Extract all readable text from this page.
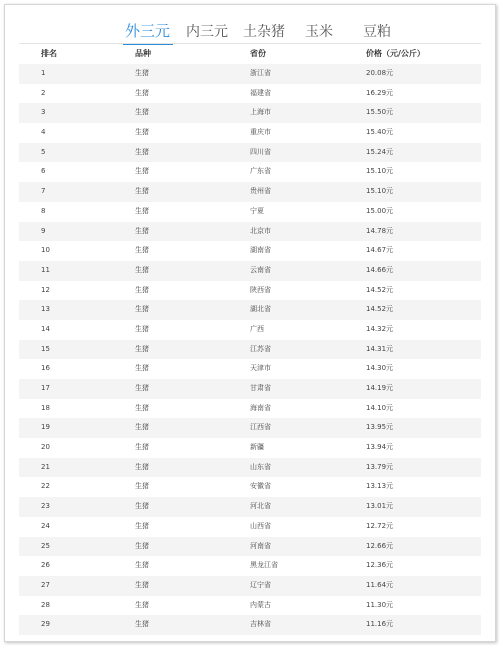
外三元 内三元 土杂猪 玉米 豆粕
排名	品种	省份	价格（元/公斤）
1	生猪	浙江省	20.08元
2	生猪	福建省	16.29元
3	生猪	上海市	15.50元
4	生猪	重庆市	15.40元
5	生猪	四川省	15.24元
6	生猪	广东省	15.10元
7	生猪	贵州省	15.10元
8	生猪	宁夏	15.00元
9	生猪	北京市	14.78元
10	生猪	湖南省	14.67元
11	生猪	云南省	14.66元
12	生猪	陕西省	14.52元
13	生猪	湖北省	14.52元
14	生猪	广西	14.32元
15	生猪	江苏省	14.31元
16	生猪	天津市	14.30元
17	生猪	甘肃省	14.19元
18	生猪	海南省	14.10元
19	生猪	江西省	13.95元
20	生猪	新疆	13.94元
21	生猪	山东省	13.79元
22	生猪	安徽省	13.13元
23	生猪	河北省	13.01元
24	生猪	山西省	12.72元
25	生猪	河南省	12.66元
26	生猪	黑龙江省	12.36元
27	生猪	辽宁省	11.64元
28	生猪	内蒙古	11.30元
29	生猪	吉林省	11.16元
